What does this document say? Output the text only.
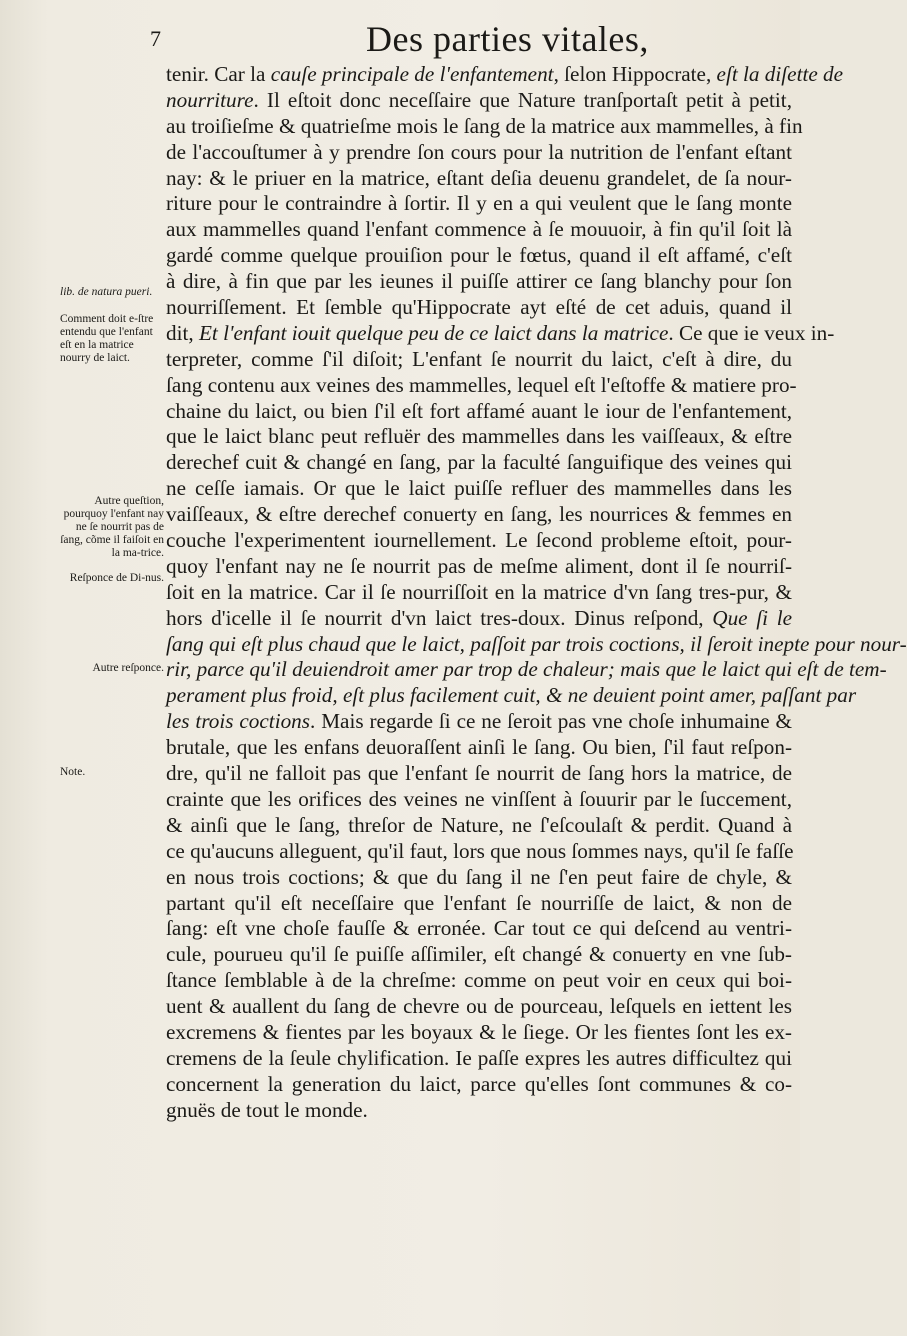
7	Des parties vitales,
lib. de natura pueri.
Comment doit e-ſtre entendu que l'enfant eſt en la matrice nourry de laict.
Autre queſtion, pourquoy l'enfant nay ne ſe nourrit pas de ſang, cõme il faiſoit en la ma-trice.
Reſponce de Di-nus.
Autre reſponce.
Note.
tenir. Car la cauſe principale de l'enfantement, ſelon Hippocrate, eſt la diſette de
nourriture. Il eſtoit donc neceſſaire que Nature tranſportaſt petit à petit,
au troiſieſme & quatrieſme mois le ſang de la matrice aux mammelles, à fin
de l'accouſtumer à y prendre ſon cours pour la nutrition de l'enfant eſtant
nay: & le priuer en la matrice, eſtant deſia deuenu grandelet, de ſa nour-
riture pour le contraindre à ſortir. Il y en a qui veulent que le ſang monte
aux mammelles quand l'enfant commence à ſe mouuoir, à fin qu'il ſoit là
gardé comme quelque prouiſion pour le fœtus, quand il eſt affamé, c'eſt
à dire, à fin que par les ieunes il puiſſe attirer ce ſang blanchy pour ſon
nourriſſement. Et ſemble qu'Hippocrate ayt eſté de cet aduis, quand il
dit, Et l'enfant iouit quelque peu de ce laict dans la matrice. Ce que ie veux in-
terpreter, comme ſ'il diſoit; L'enfant ſe nourrit du laict, c'eſt à dire, du
ſang contenu aux veines des mammelles, lequel eſt l'eſtoffe & matiere pro-
chaine du laict, ou bien ſ'il eſt fort affamé auant le iour de l'enfantement,
que le laict blanc peut refluër des mammelles dans les vaiſſeaux, & eſtre
derechef cuit & changé en ſang, par la faculté ſanguifique des veines qui
ne ceſſe iamais. Or que le laict puiſſe refluer des mammelles dans les
vaiſſeaux, & eſtre derechef conuerty en ſang, les nourrices & femmes en
couche l'experimentent iournellement. Le ſecond probleme eſtoit, pour-
quoy l'enfant nay ne ſe nourrit pas de meſme aliment, dont il ſe nourriſ-
ſoit en la matrice. Car il ſe nourriſſoit en la matrice d'vn ſang tres-pur, &
hors d'icelle il ſe nourrit d'vn laict tres-doux. Dinus reſpond, Que ſi le
ſang qui eſt plus chaud que le laict, paſſoit par trois coctions, il ſeroit inepte pour nour-
rir, parce qu'il deuiendroit amer par trop de chaleur; mais que le laict qui eſt de tem-
perament plus froid, eſt plus facilement cuit, & ne deuient point amer, paſſant par
les trois coctions. Mais regarde ſi ce ne ſeroit pas vne choſe inhumaine &
brutale, que les enfans deuoraſſent ainſi le ſang. Ou bien, ſ'il faut reſpon-
dre, qu'il ne falloit pas que l'enfant ſe nourrit de ſang hors la matrice, de
crainte que les orifices des veines ne vinſſent à ſouurir par le ſuccement,
& ainſi que le ſang, threſor de Nature, ne ſ'eſcoulaſt & perdit. Quand à
ce qu'aucuns alleguent, qu'il faut, lors que nous ſommes nays, qu'il ſe faſſe
en nous trois coctions; & que du ſang il ne ſ'en peut faire de chyle, &
partant qu'il eſt neceſſaire que l'enfant ſe nourriſſe de laict, & non de
ſang: eſt vne choſe fauſſe & erronée. Car tout ce qui deſcend au ventri-
cule, pourueu qu'il ſe puiſſe aſſimiler, eſt changé & conuerty en vne ſub-
ſtance ſemblable à de la chreſme: comme on peut voir en ceux qui boi-
uent & auallent du ſang de chevre ou de pourceau, leſquels en iettent les
excremens & fientes par les boyaux & le ſiege. Or les fientes ſont les ex-
cremens de la ſeule chylification. Ie paſſe expres les autres difficultez qui
concernent la generation du laict, parce qu'elles ſont communes & co-
gnuës de tout le monde.
